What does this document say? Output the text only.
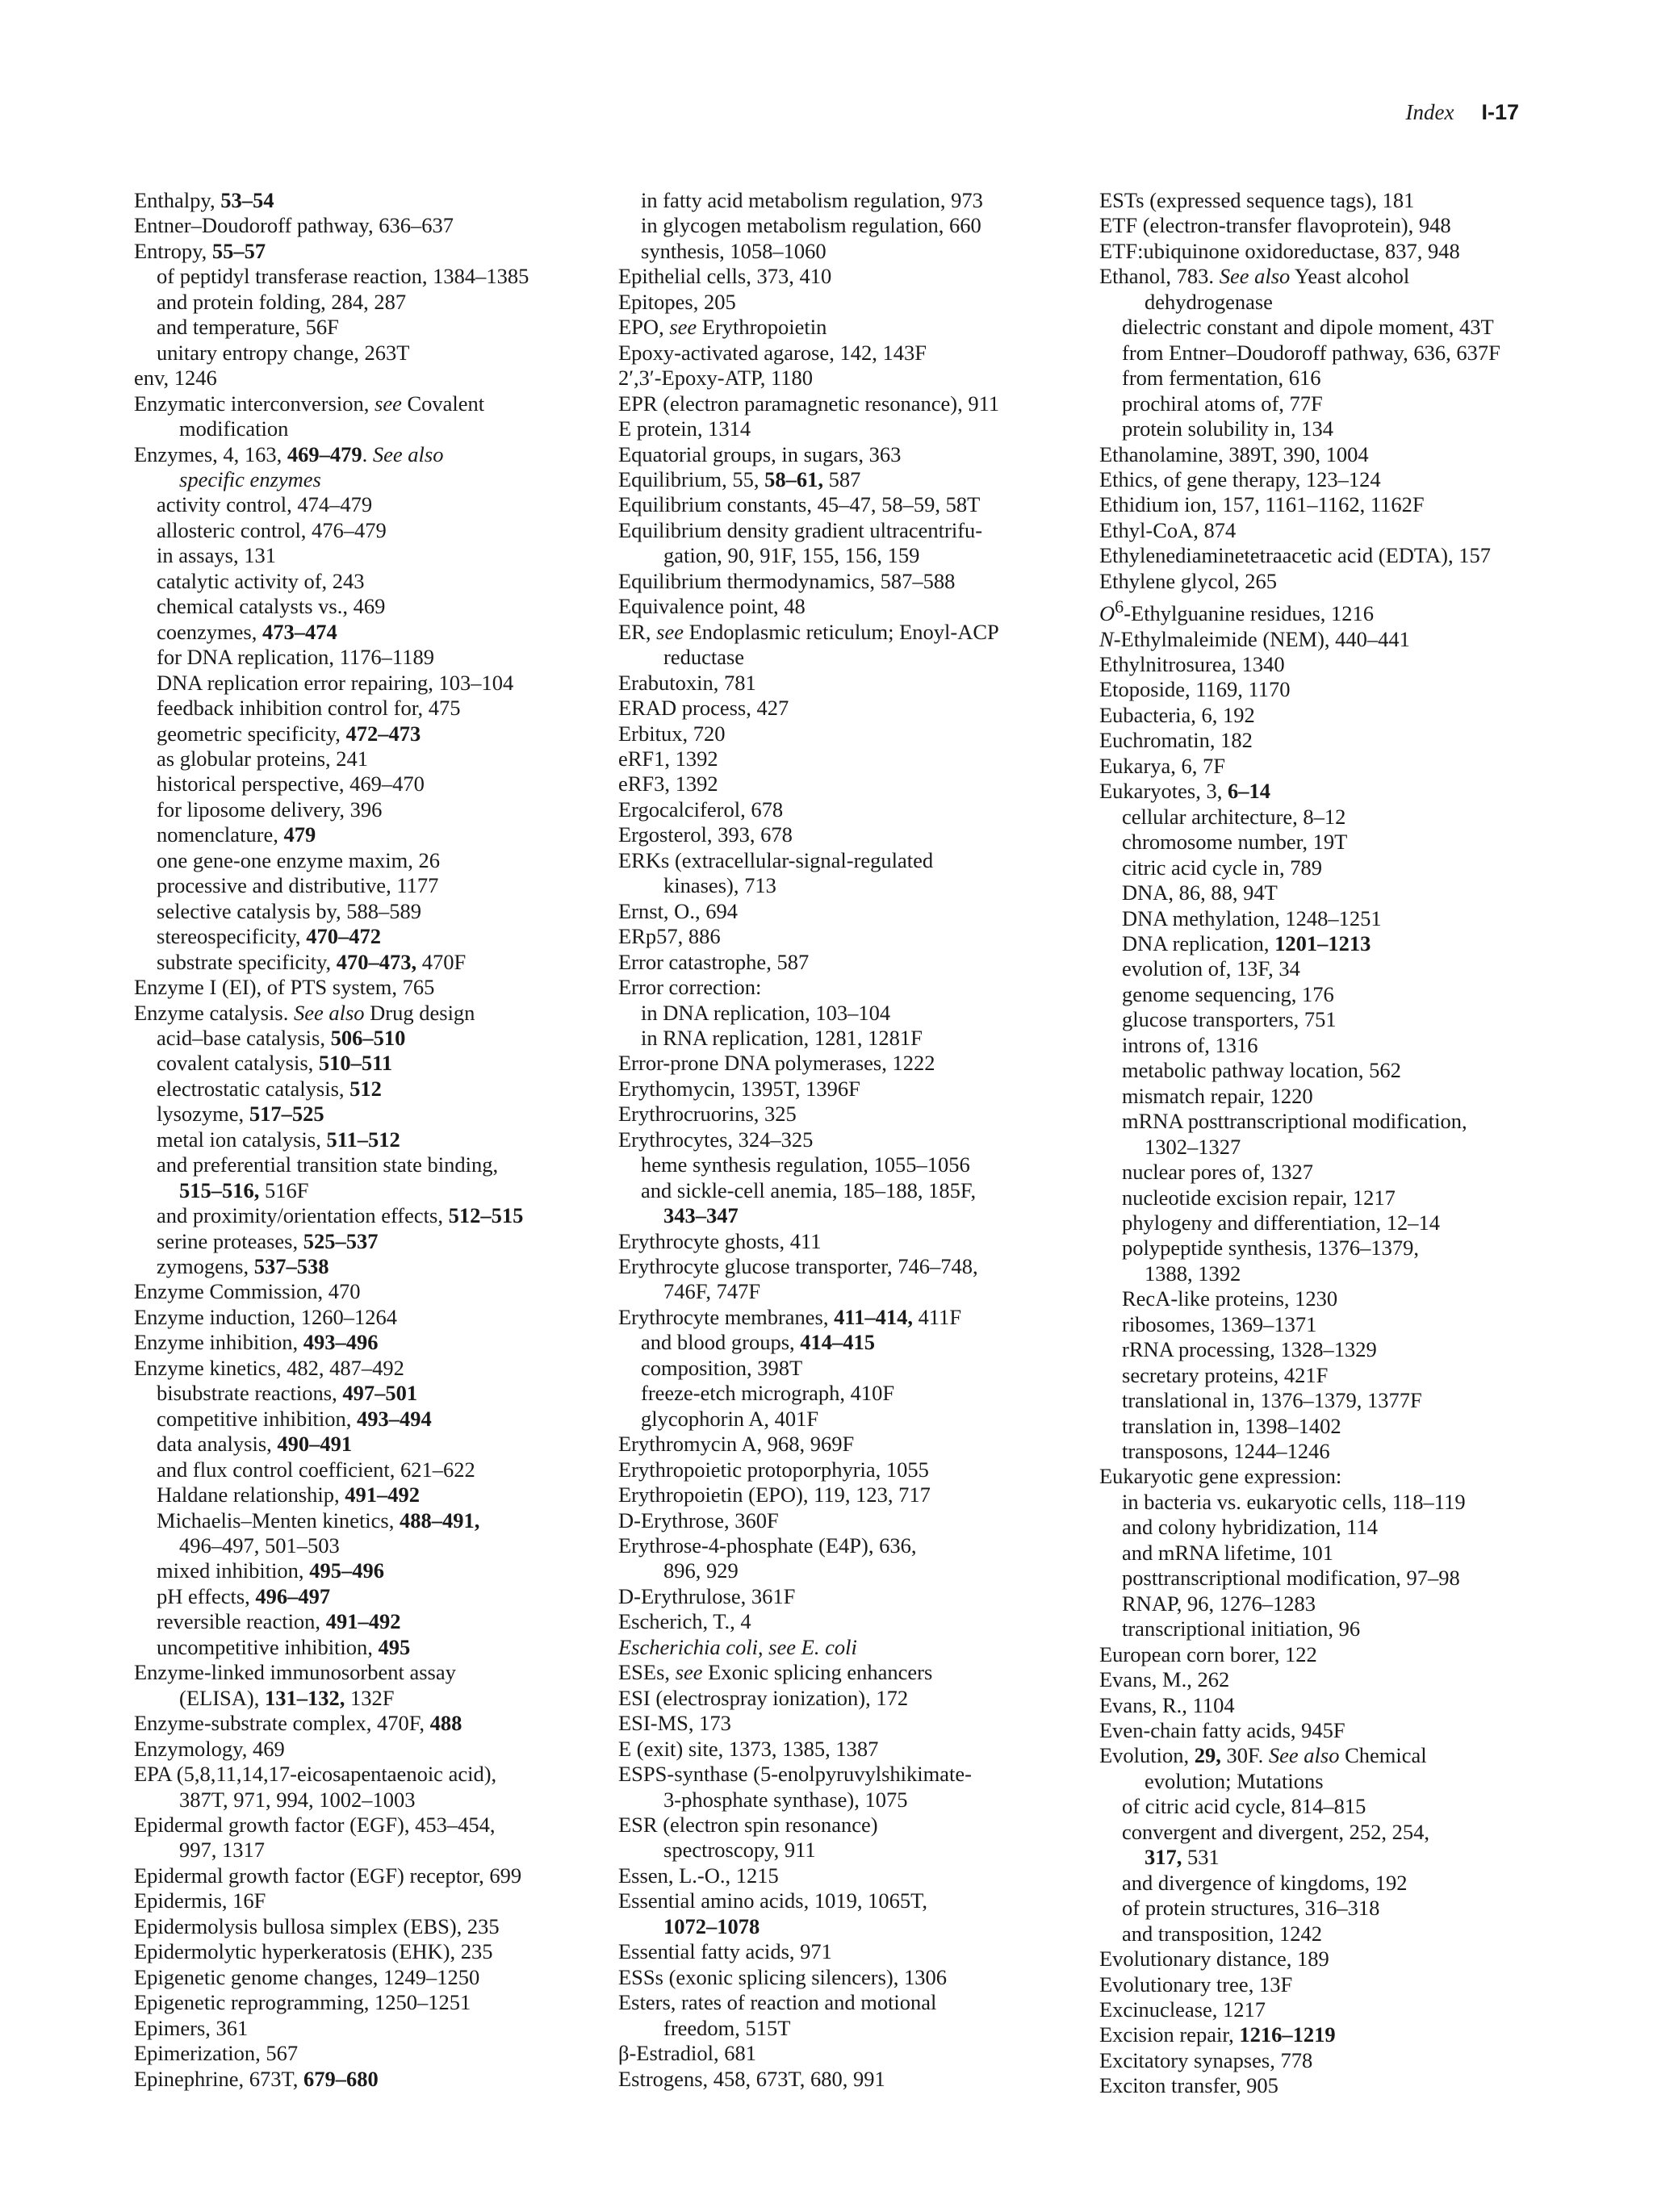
Index I-17
Enthalpy, 53–54
Entner–Doudoroff pathway, 636–637
Entropy, 55–57
of peptidyl transferase reaction, 1384–1385
and protein folding, 284, 287
and temperature, 56F
unitary entropy change, 263T
env, 1246
Enzymatic interconversion, see Covalent
modification
Enzymes, 4, 163, 469–479. See also
specific enzymes
activity control, 474–479
allosteric control, 476–479
in assays, 131
catalytic activity of, 243
chemical catalysts vs., 469
coenzymes, 473–474
for DNA replication, 1176–1189
DNA replication error repairing, 103–104
feedback inhibition control for, 475
geometric specificity, 472–473
as globular proteins, 241
historical perspective, 469–470
for liposome delivery, 396
nomenclature, 479
one gene-one enzyme maxim, 26
processive and distributive, 1177
selective catalysis by, 588–589
stereospecificity, 470–472
substrate specificity, 470–473, 470F
Enzyme I (EI), of PTS system, 765
Enzyme catalysis. See also Drug design
acid–base catalysis, 506–510
covalent catalysis, 510–511
electrostatic catalysis, 512
lysozyme, 517–525
metal ion catalysis, 511–512
and preferential transition state binding,
515–516, 516F
and proximity/orientation effects, 512–515
serine proteases, 525–537
zymogens, 537–538
Enzyme Commission, 470
Enzyme induction, 1260–1264
Enzyme inhibition, 493–496
Enzyme kinetics, 482, 487–492
bisubstrate reactions, 497–501
competitive inhibition, 493–494
data analysis, 490–491
and flux control coefficient, 621–622
Haldane relationship, 491–492
Michaelis–Menten kinetics, 488–491,
496–497, 501–503
mixed inhibition, 495–496
pH effects, 496–497
reversible reaction, 491–492
uncompetitive inhibition, 495
Enzyme-linked immunosorbent assay
(ELISA), 131–132, 132F
Enzyme-substrate complex, 470F, 488
Enzymology, 469
EPA (5,8,11,14,17-eicosapentaenoic acid),
387T, 971, 994, 1002–1003
Epidermal growth factor (EGF), 453–454,
997, 1317
Epidermal growth factor (EGF) receptor, 699
Epidermis, 16F
Epidermolysis bullosa simplex (EBS), 235
Epidermolytic hyperkeratosis (EHK), 235
Epigenetic genome changes, 1249–1250
Epigenetic reprogramming, 1250–1251
Epimers, 361
Epimerization, 567
Epinephrine, 673T, 679–680
in fatty acid metabolism regulation, 973
in glycogen metabolism regulation, 660
synthesis, 1058–1060
Epithelial cells, 373, 410
Epitopes, 205
EPO, see Erythropoietin
Epoxy-activated agarose, 142, 143F
2′,3′-Epoxy-ATP, 1180
EPR (electron paramagnetic resonance), 911
E protein, 1314
Equatorial groups, in sugars, 363
Equilibrium, 55, 58–61, 587
Equilibrium constants, 45–47, 58–59, 58T
Equilibrium density gradient ultracentrifu-
gation, 90, 91F, 155, 156, 159
Equilibrium thermodynamics, 587–588
Equivalence point, 48
ER, see Endoplasmic reticulum; Enoyl-ACP
reductase
Erabutoxin, 781
ERAD process, 427
Erbitux, 720
eRF1, 1392
eRF3, 1392
Ergocalciferol, 678
Ergosterol, 393, 678
ERKs (extracellular-signal-regulated
kinases), 713
Ernst, O., 694
ERp57, 886
Error catastrophe, 587
Error correction:
in DNA replication, 103–104
in RNA replication, 1281, 1281F
Error-prone DNA polymerases, 1222
Erythomycin, 1395T, 1396F
Erythrocruorins, 325
Erythrocytes, 324–325
heme synthesis regulation, 1055–1056
and sickle-cell anemia, 185–188, 185F,
343–347
Erythrocyte ghosts, 411
Erythrocyte glucose transporter, 746–748,
746F, 747F
Erythrocyte membranes, 411–414, 411F
and blood groups, 414–415
composition, 398T
freeze-etch micrograph, 410F
glycophorin A, 401F
Erythromycin A, 968, 969F
Erythropoietic protoporphyria, 1055
Erythropoietin (EPO), 119, 123, 717
D-Erythrose, 360F
Erythrose-4-phosphate (E4P), 636,
896, 929
D-Erythrulose, 361F
Escherich, T., 4
Escherichia coli, see E. coli
ESEs, see Exonic splicing enhancers
ESI (electrospray ionization), 172
ESI-MS, 173
E (exit) site, 1373, 1385, 1387
ESPS-synthase (5-enolpyruvylshikimate-
3-phosphate synthase), 1075
ESR (electron spin resonance)
spectroscopy, 911
Essen, L.-O., 1215
Essential amino acids, 1019, 1065T,
1072–1078
Essential fatty acids, 971
ESSs (exonic splicing silencers), 1306
Esters, rates of reaction and motional
freedom, 515T
β-Estradiol, 681
Estrogens, 458, 673T, 680, 991
ESTs (expressed sequence tags), 181
ETF (electron-transfer flavoprotein), 948
ETF:ubiquinone oxidoreductase, 837, 948
Ethanol, 783. See also Yeast alcohol
dehydrogenase
dielectric constant and dipole moment, 43T
from Entner–Doudoroff pathway, 636, 637F
from fermentation, 616
prochiral atoms of, 77F
protein solubility in, 134
Ethanolamine, 389T, 390, 1004
Ethics, of gene therapy, 123–124
Ethidium ion, 157, 1161–1162, 1162F
Ethyl-CoA, 874
Ethylenediaminetetraacetic acid (EDTA), 157
Ethylene glycol, 265
$O^6$-Ethylguanine residues, 1216
N-Ethylmaleimide (NEM), 440–441
Ethylnitrosurea, 1340
Etoposide, 1169, 1170
Eubacteria, 6, 192
Euchromatin, 182
Eukarya, 6, 7F
Eukaryotes, 3, 6–14
cellular architecture, 8–12
chromosome number, 19T
citric acid cycle in, 789
DNA, 86, 88, 94T
DNA methylation, 1248–1251
DNA replication, 1201–1213
evolution of, 13F, 34
genome sequencing, 176
glucose transporters, 751
introns of, 1316
metabolic pathway location, 562
mismatch repair, 1220
mRNA posttranscriptional modification,
1302–1327
nuclear pores of, 1327
nucleotide excision repair, 1217
phylogeny and differentiation, 12–14
polypeptide synthesis, 1376–1379,
1388, 1392
RecA-like proteins, 1230
ribosomes, 1369–1371
rRNA processing, 1328–1329
secretary proteins, 421F
translational in, 1376–1379, 1377F
translation in, 1398–1402
transposons, 1244–1246
Eukaryotic gene expression:
in bacteria vs. eukaryotic cells, 118–119
and colony hybridization, 114
and mRNA lifetime, 101
posttranscriptional modification, 97–98
RNAP, 96, 1276–1283
transcriptional initiation, 96
European corn borer, 122
Evans, M., 262
Evans, R., 1104
Even-chain fatty acids, 945F
Evolution, 29, 30F. See also Chemical
evolution; Mutations
of citric acid cycle, 814–815
convergent and divergent, 252, 254,
317, 531
and divergence of kingdoms, 192
of protein structures, 316–318
and transposition, 1242
Evolutionary distance, 189
Evolutionary tree, 13F
Excinuclease, 1217
Excision repair, 1216–1219
Excitatory synapses, 778
Exciton transfer, 905
